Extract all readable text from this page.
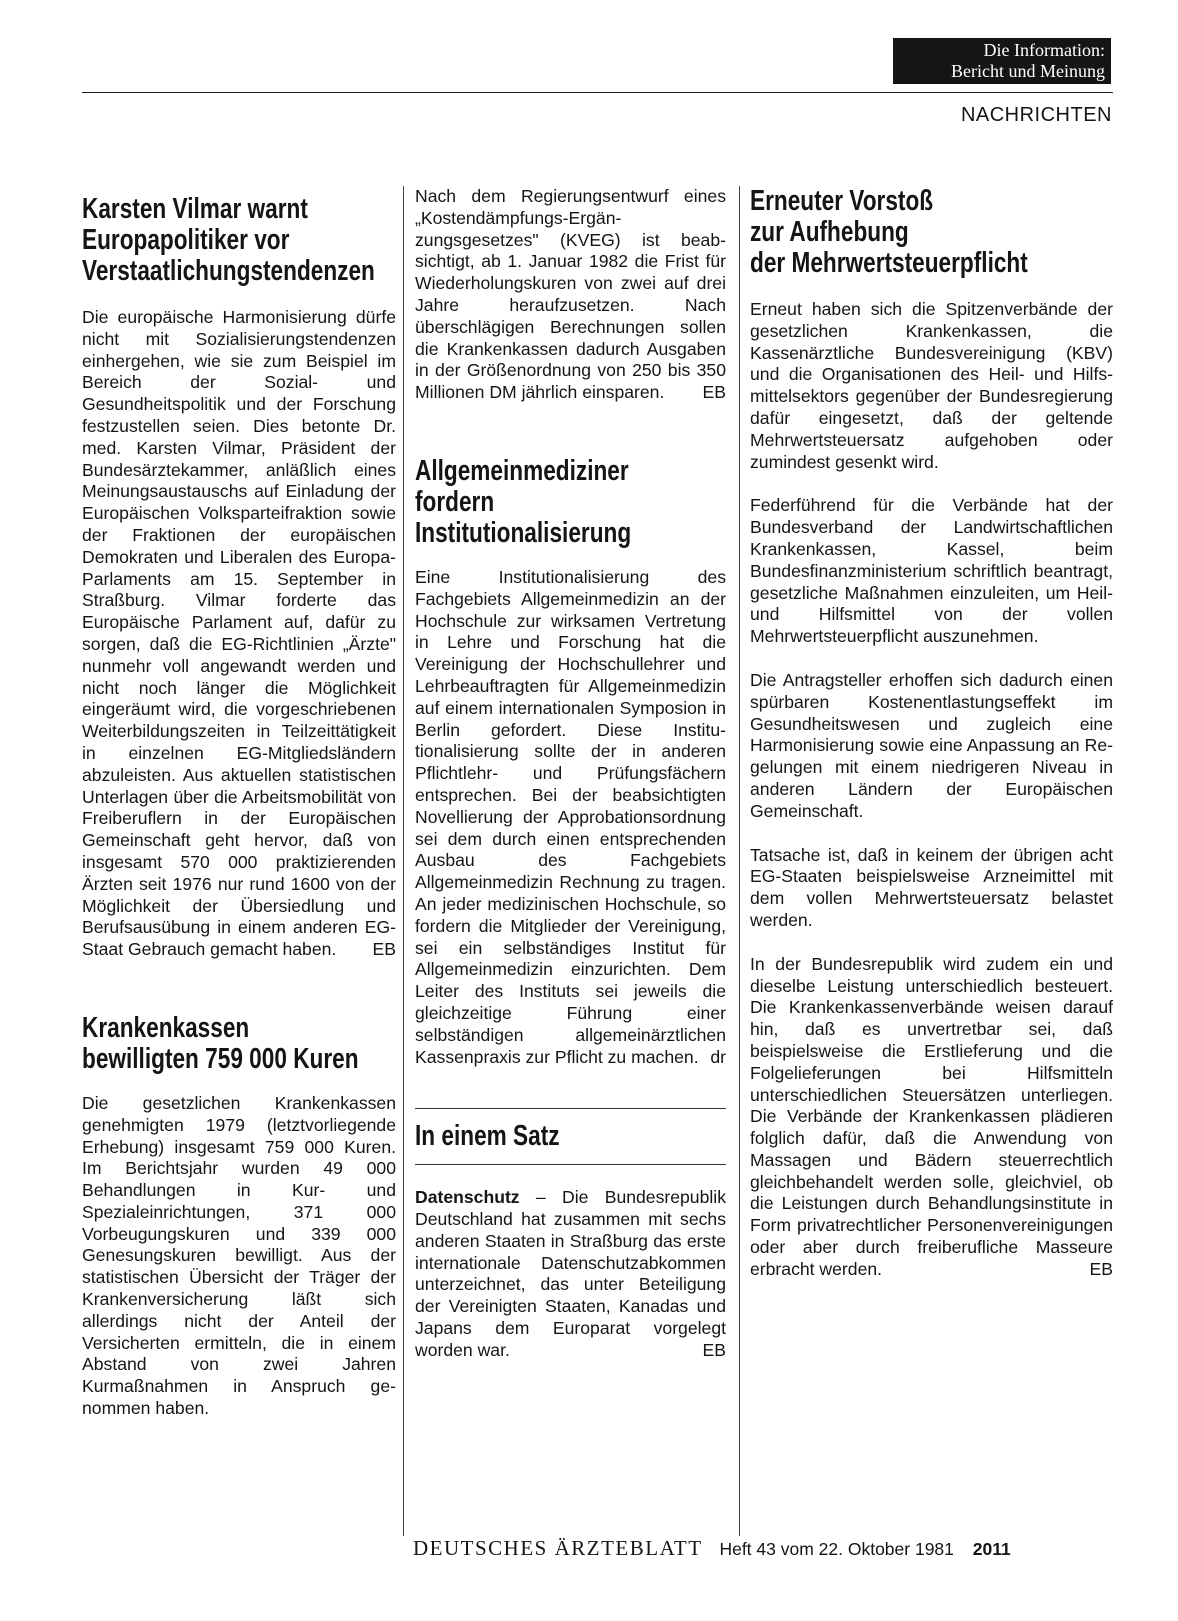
Die Information:
Bericht und Meinung
NACHRICHTEN
Karsten Vilmar warnt
Europapolitiker vor
Verstaatlichungstendenzen

Die europäische Harmonisierung dürfe nicht mit Sozialisierungstendenzen einhergehen, wie sie zum Beispiel im Bereich der Sozial- und Gesundheitspolitik und der Forschung festzustellen seien. Dies betonte Dr. med. Karsten Vilmar, Präsident der Bundesärztekammer, anläßlich eines Meinungsaustauschs auf Einladung der Europäischen Volksparteifraktion sowie der Fraktionen der europäischen Demokraten und Liberalen des Europa-Parlaments am 15. September in Straßburg. Vilmar forderte das Europäische Parlament auf, dafür zu sorgen, daß die EG-Richtlinien „Ärzte" nunmehr voll angewandt werden und nicht noch länger die Möglichkeit eingeräumt wird, die vorgeschriebenen Weiterbildungszeiten in Teilzeittätigkeit in einzelnen EG-Mitgliedsländern abzuleisten. Aus aktuellen statistischen Unterlagen über die Arbeitsmobilität von Freiberuflern in der Europäischen Gemeinschaft geht hervor, daß von insgesamt 570 000 praktizierenden Ärzten seit 1976 nur rund 1600 von der Möglichkeit der Übersiedlung und Berufsausübung in einem anderen EG-Staat Gebrauch gemacht haben. EB

Krankenkassen
bewilligten 759 000 Kuren

Die gesetzlichen Krankenkassen genehmigten 1979 (letztvorliegende Erhebung) insgesamt 759 000 Kuren. Im Berichtsjahr wurden 49 000 Behandlungen in Kur- und Spezialeinrichtungen, 371 000 Vorbeugungskuren und 339 000 Genesungskuren bewilligt. Aus der statistischen Übersicht der Träger der Krankenversicherung läßt sich allerdings nicht der Anteil der Versicherten ermitteln, die in einem Abstand von zwei Jahren Kurmaßnahmen in Anspruch genommen haben.

Nach dem Regierungsentwurf eines „Kostendämpfungs-Ergänzungsgesetzes" (KVEG) ist beabsichtigt, ab 1. Januar 1982 die Frist für Wiederholungskuren von zwei auf drei Jahre heraufzusetzen. Nach überschlägigen Berechnungen sollen die Krankenkassen dadurch Ausgaben in der Größenordnung von 250 bis 350 Millionen DM jährlich einsparen. EB

Allgemeinmediziner
fordern
Institutionalisierung

Eine Institutionalisierung des Fachgebiets Allgemeinmedizin an der Hochschule zur wirksamen Vertretung in Lehre und Forschung hat die Vereinigung der Hochschullehrer und Lehrbeauftragten für Allgemeinmedizin auf einem internationalen Symposion in Berlin gefordert. Diese Institutionalisierung sollte der in anderen Pflichtlehr- und Prüfungsfächern entsprechen. Bei der beabsichtigten Novellierung der Approbationsordnung sei dem durch einen entsprechenden Ausbau des Fachgebiets Allgemeinmedizin Rechnung zu tragen. An jeder medizinischen Hochschule, so fordern die Mitglieder der Vereinigung, sei ein selbständiges Institut für Allgemeinmedizin einzurichten. Dem Leiter des Instituts sei jeweils die gleichzeitige Führung einer selbständigen allgemeinärztlichen Kassenpraxis zur Pflicht zu machen. dr

In einem Satz

Datenschutz – Die Bundesrepublik Deutschland hat zusammen mit sechs anderen Staaten in Straßburg das erste internationale Datenschutzabkommen unterzeichnet, das unter Beteiligung der Vereinigten Staaten, Kanadas und Japans dem Europarat vorgelegt worden war.	EB

Erneuter Vorstoß
zur Aufhebung
der Mehrwertsteuerpflicht

Erneut haben sich die Spitzenverbände der gesetzlichen Krankenkassen, die Kassenärztliche Bundesvereinigung (KBV) und die Organisationen des Heil- und Hilfsmittelsektors gegenüber der Bundesregierung dafür eingesetzt, daß der geltende Mehrwertsteuersatz aufgehoben oder zumindest gesenkt wird.

Federführend für die Verbände hat der Bundesverband der Landwirtschaftlichen Krankenkassen, Kassel, beim Bundesfinanzministerium schriftlich beantragt, gesetzliche Maßnahmen einzuleiten, um Heil- und Hilfsmittel von der vollen Mehrwertsteuerpflicht auszunehmen.

Die Antragsteller erhoffen sich dadurch einen spürbaren Kostenentlastungseffekt im Gesundheitswesen und zugleich eine Harmonisierung sowie eine Anpassung an Regelungen mit einem niedrigeren Niveau in anderen Ländern der Europäischen Gemeinschaft.

Tatsache ist, daß in keinem der übrigen acht EG-Staaten beispielsweise Arzneimittel mit dem vollen Mehrwertsteuersatz belastet werden.

In der Bundesrepublik wird zudem ein und dieselbe Leistung unterschiedlich besteuert. Die Krankenkassenverbände weisen darauf hin, daß es unvertretbar sei, daß beispielsweise die Erstlieferung und die Folgelieferungen bei Hilfsmitteln unterschiedlichen Steuersätzen unterliegen. Die Verbände der Krankenkassen plädieren folglich dafür, daß die Anwendung von Massagen und Bädern steuerrechtlich gleichbehandelt werden solle, gleichviel, ob die Leistungen durch Behandlungsinstitute in Form privatrechtlicher Personenvereinigungen oder aber durch freiberufliche Masseure erbracht werden.	EB

DEUTSCHES ÄRZTEBLATT Heft 43 vom 22. Oktober 1981 2011
